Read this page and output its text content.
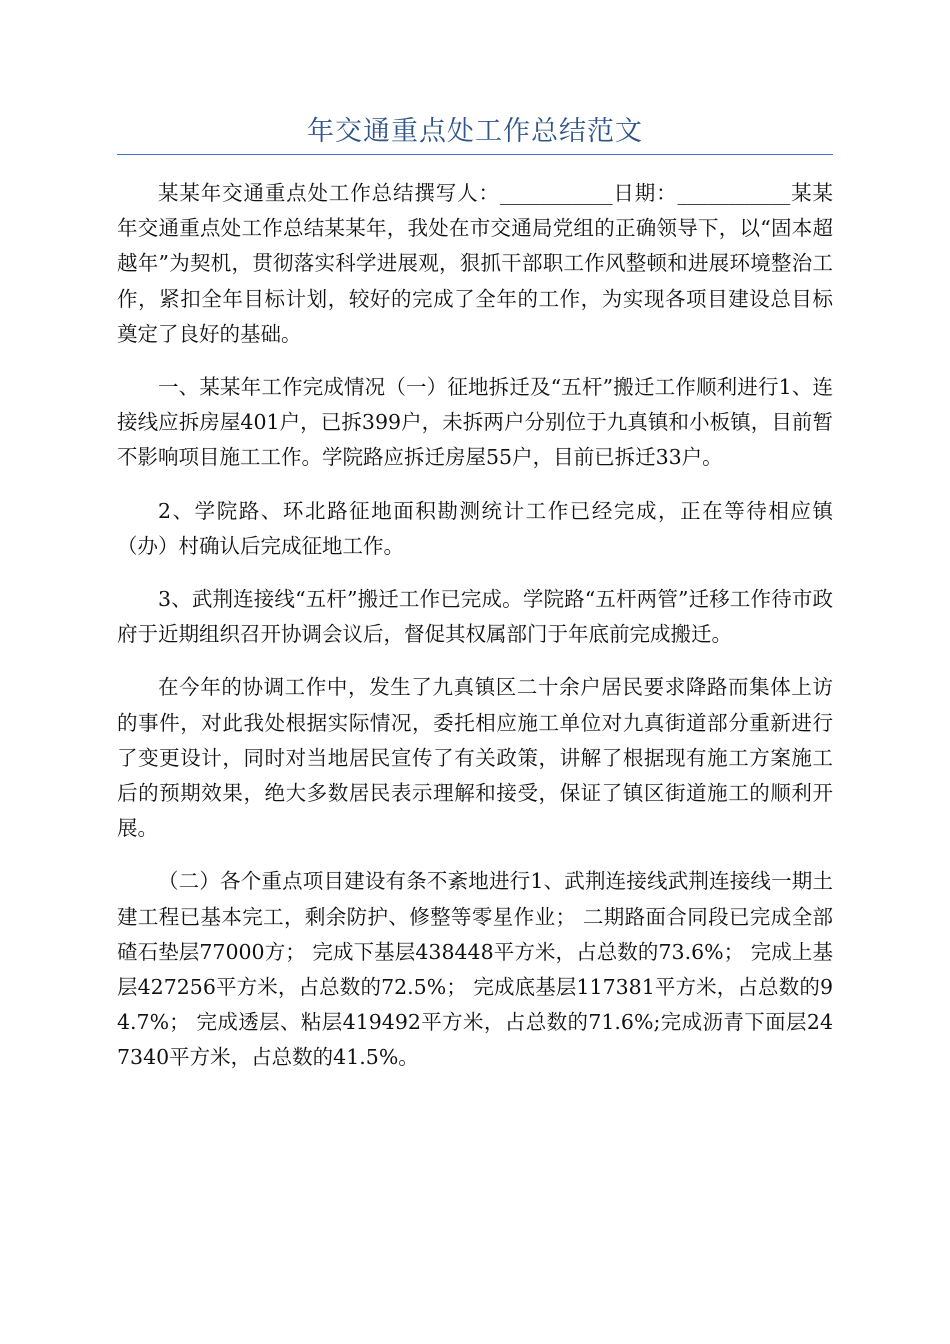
年交通重点处工作总结范文

某某年交通重点处工作总结撰写人：___________日期：___________某某年交通重点处工作总结某某年，我处在市交通局党组的正确领导下，以“固本超越年”为契机，贯彻落实科学进展观，狠抓干部职工作风整顿和进展环境整治工作，紧扣全年目标计划，较好的完成了全年的工作，为实现各项目建设总目标奠定了良好的基础。

一、某某年工作完成情况（一）征地拆迁及“五杆”搬迁工作顺利进行1、连接线应拆房屋401户，已拆399户，未拆两户分别位于九真镇和小板镇，目前暂不影响项目施工工作。学院路应拆迁房屋55户，目前已拆迁33户。

2、学院路、环北路征地面积勘测统计工作已经完成，正在等待相应镇（办）村确认后完成征地工作。

3、武荆连接线“五杆”搬迁工作已完成。学院路“五杆两管”迁移工作待市政府于近期组织召开协调会议后，督促其权属部门于年底前完成搬迁。

在今年的协调工作中，发生了九真镇区二十余户居民要求降路而集体上访的事件，对此我处根据实际情况，委托相应施工单位对九真街道部分重新进行了变更设计，同时对当地居民宣传了有关政策，讲解了根据现有施工方案施工后的预期效果，绝大多数居民表示理解和接受，保证了镇区街道施工的顺利开展。

（二）各个重点项目建设有条不紊地进行1、武荆连接线武荆连接线一期土建工程已基本完工，剩余防护、修整等零星作业； 二期路面合同段已完成全部碴石垫层77000方； 完成下基层438448平方米，占总数的73.6%； 完成上基层427256平方米，占总数的72.5%； 完成底基层117381平方米，占总数的94.7%； 完成透层、粘层419492平方米，占总数的71.6%;完成沥青下面层247340平方米，占总数的41.5%。
